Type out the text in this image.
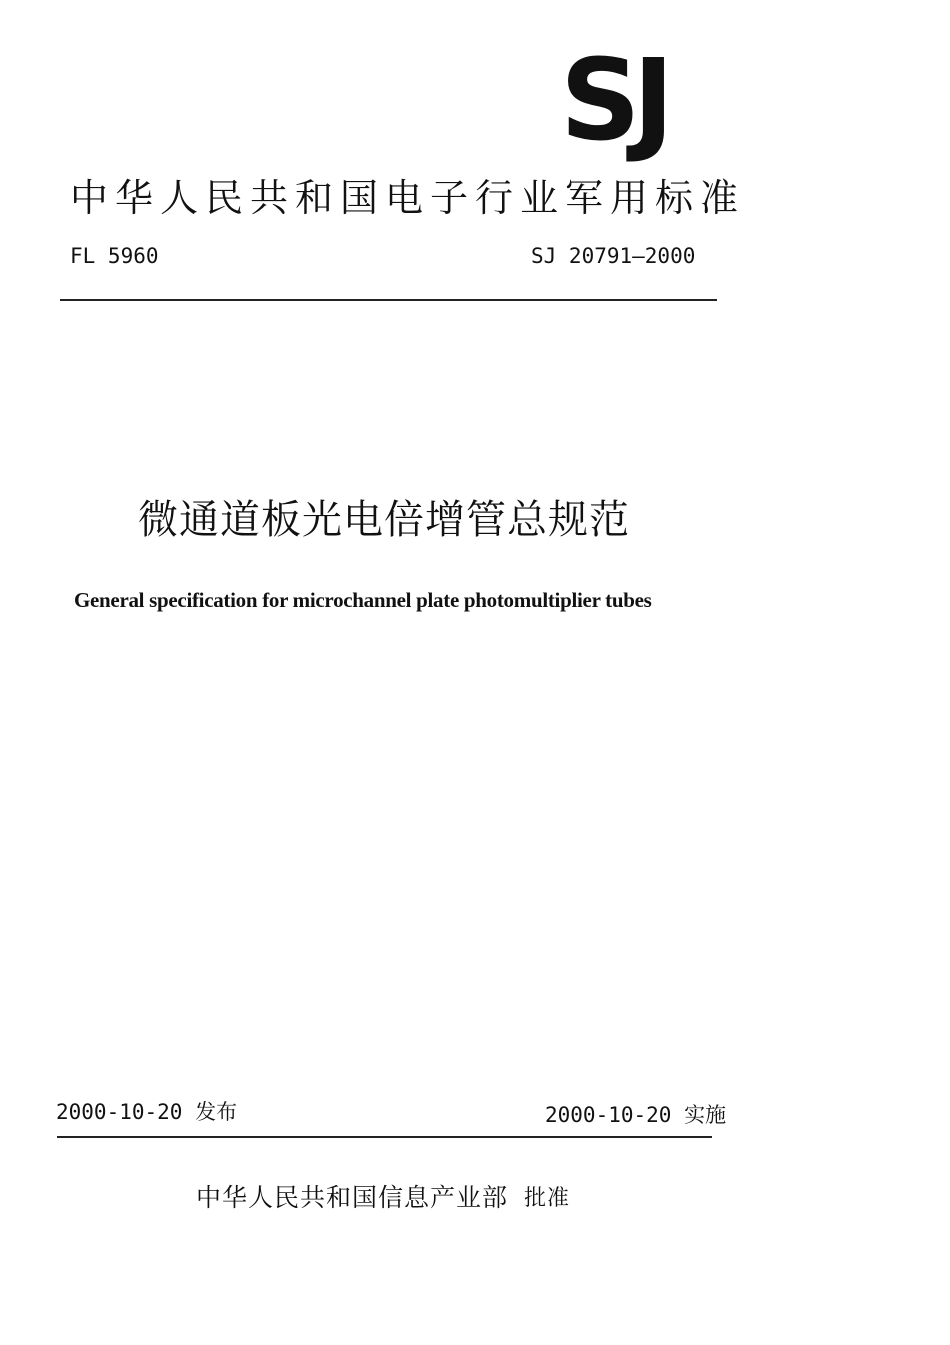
SJ
中华人民共和国电子行业军用标准
FL 5960	SJ 20791—2000
微通道板光电倍增管总规范
General specification for microchannel plate photomultiplier tubes
2000-10-20 发布	2000-10-20 实施
中华人民共和国信息产业部 批准
